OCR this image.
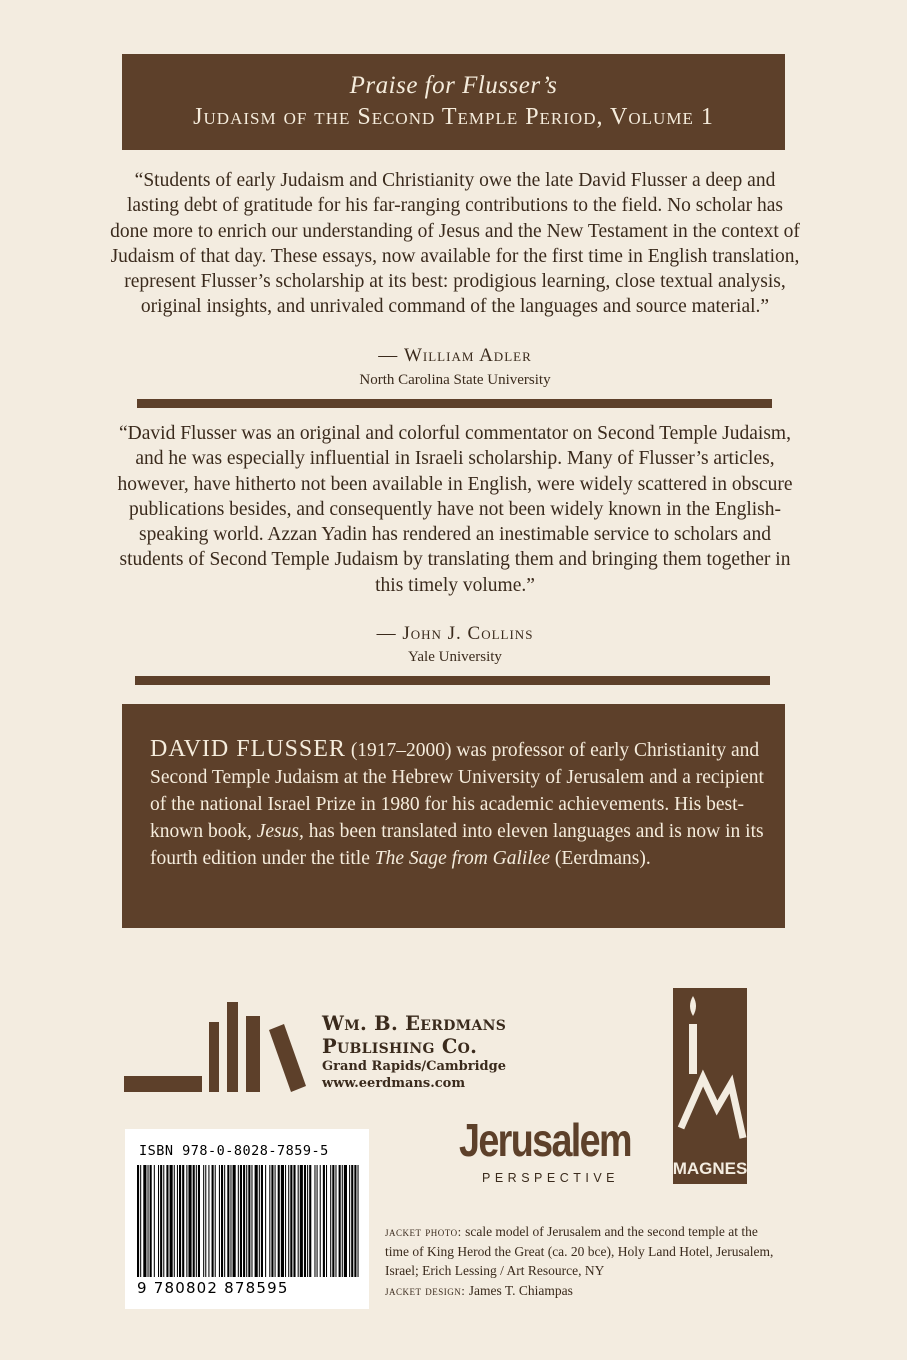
Praise for Flusser’s
Judaism of the Second Temple Period, Volume 1
“Students of early Judaism and Christianity owe the late David Flusser a deep and lasting debt of gratitude for his far-ranging contributions to the field. No scholar has done more to enrich our understanding of Jesus and the New Testament in the context of Judaism of that day. These essays, now available for the first time in English translation, represent Flusser’s scholarship at its best: prodigious learning, close textual analysis, original insights, and unrivaled command of the languages and source material.”
— William Adler
North Carolina State University
“David Flusser was an original and colorful commentator on Second Temple Judaism, and he was especially influential in Israeli scholarship. Many of Flusser’s articles, however, have hitherto not been available in English, were widely scattered in obscure publications besides, and consequently have not been widely known in the English-speaking world. Azzan Yadin has rendered an inestimable service to scholars and students of Second Temple Judaism by translating them and bringing them together in this timely volume.”
— John J. Collins
Yale University
DAVID FLUSSER (1917–2000) was professor of early Christianity and Second Temple Judaism at the Hebrew University of Jerusalem and a recipient of the national Israel Prize in 1980 for his academic achievements. His best-known book, Jesus, has been translated into eleven languages and is now in its fourth edition under the title The Sage from Galilee (Eerdmans).
Wm. B. Eerdmans
Publishing Co.
Grand Rapids/Cambridge
www.eerdmans.com
MAGNES
Jerusalem
PERSPECTIVE
ISBN 978-0-8028-7859-5
9 780802 878595
jacket photo: scale model of Jerusalem and the second temple at the time of King Herod the Great (ca. 20 bce), Holy Land Hotel, Jerusalem, Israel; Erich Lessing / Art Resource, NY
jacket design: James T. Chiampas
